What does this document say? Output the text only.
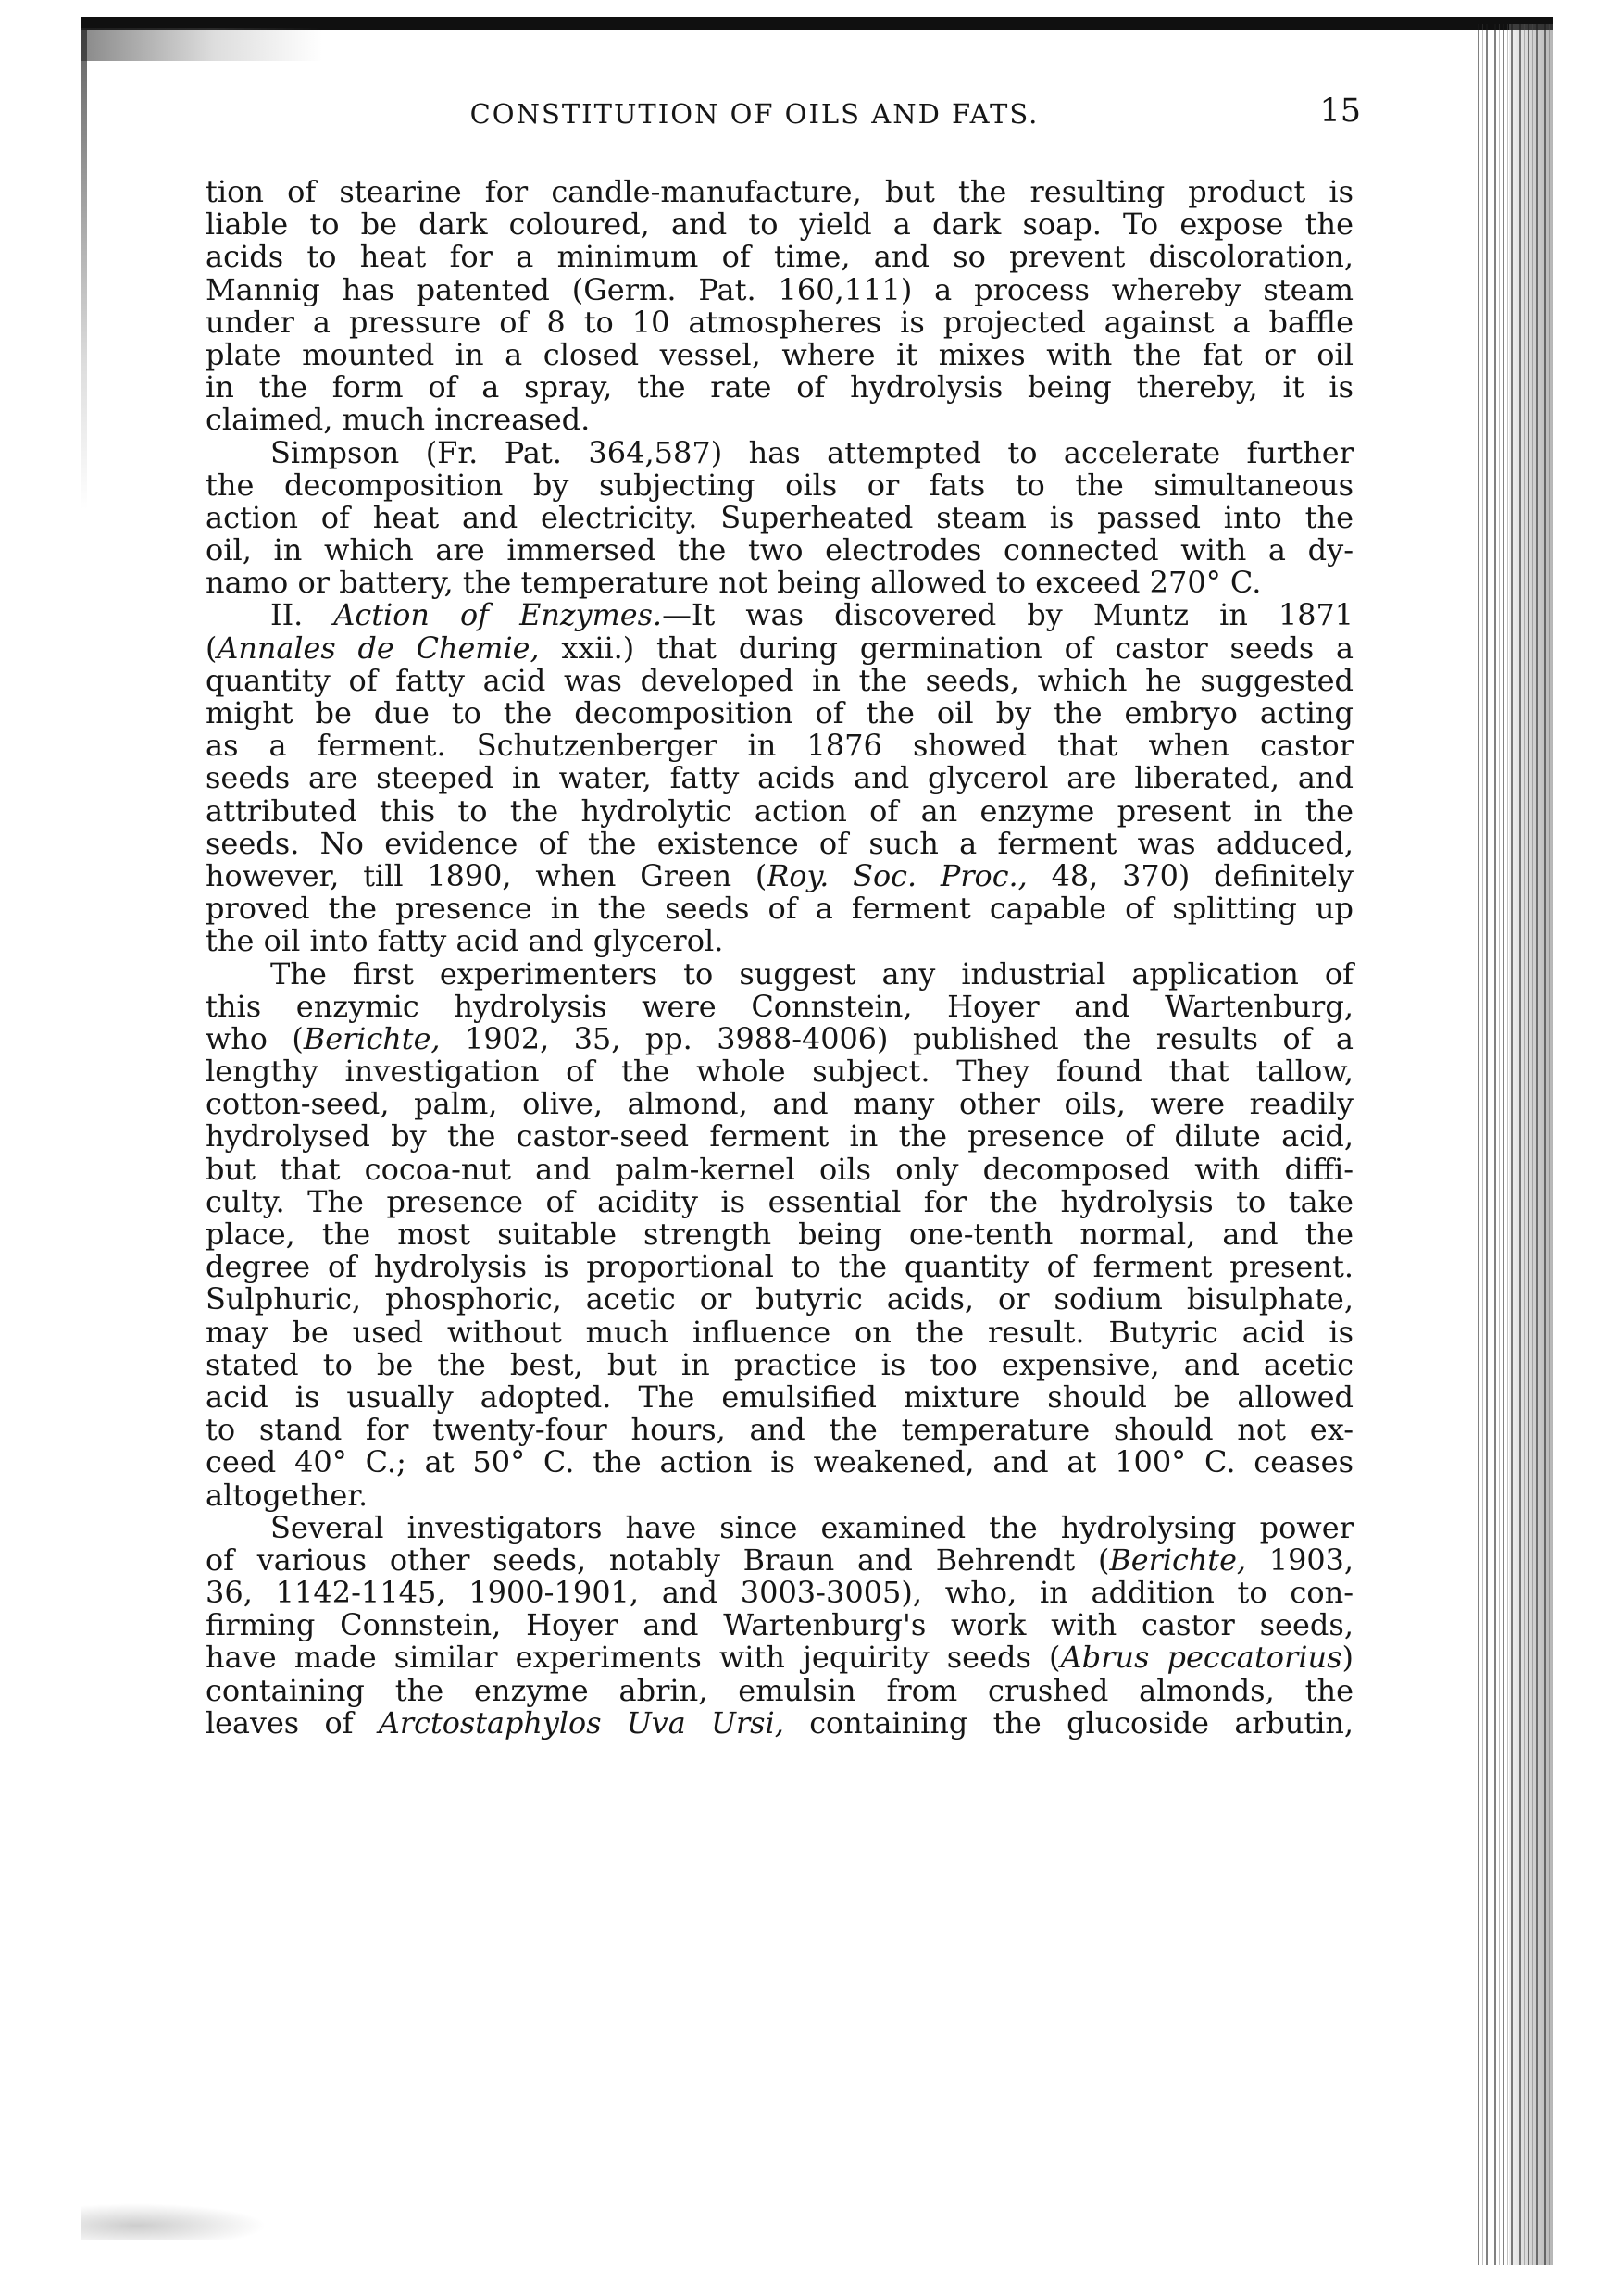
CONSTITUTION OF OILS AND FATS.	15
tion of stearine for candle-manufacture, but the resulting product is
liable to be dark coloured, and to yield a dark soap. To expose the
acids to heat for a minimum of time, and so prevent discoloration,
Mannig has patented (Germ. Pat. 160,111) a process whereby steam
under a pressure of 8 to 10 atmospheres is projected against a baffle
plate mounted in a closed vessel, where it mixes with the fat or oil
in the form of a spray, the rate of hydrolysis being thereby, it is
claimed, much increased.
Simpson (Fr. Pat. 364,587) has attempted to accelerate further
the decomposition by subjecting oils or fats to the simultaneous
action of heat and electricity. Superheated steam is passed into the
oil, in which are immersed the two electrodes connected with a dy-
namo or battery, the temperature not being allowed to exceed 270° C.
II. Action of Enzymes.—It was discovered by Muntz in 1871
(Annales de Chemie, xxii.) that during germination of castor seeds a
quantity of fatty acid was developed in the seeds, which he suggested
might be due to the decomposition of the oil by the embryo acting
as a ferment. Schutzenberger in 1876 showed that when castor
seeds are steeped in water, fatty acids and glycerol are liberated, and
attributed this to the hydrolytic action of an enzyme present in the
seeds. No evidence of the existence of such a ferment was adduced,
however, till 1890, when Green (Roy. Soc. Proc., 48, 370) definitely
proved the presence in the seeds of a ferment capable of splitting up
the oil into fatty acid and glycerol.
The first experimenters to suggest any industrial application of
this enzymic hydrolysis were Connstein, Hoyer and Wartenburg,
who (Berichte, 1902, 35, pp. 3988-4006) published the results of a
lengthy investigation of the whole subject. They found that tallow,
cotton-seed, palm, olive, almond, and many other oils, were readily
hydrolysed by the castor-seed ferment in the presence of dilute acid,
but that cocoa-nut and palm-kernel oils only decomposed with diffi-
culty. The presence of acidity is essential for the hydrolysis to take
place, the most suitable strength being one-tenth normal, and the
degree of hydrolysis is proportional to the quantity of ferment present.
Sulphuric, phosphoric, acetic or butyric acids, or sodium bisulphate,
may be used without much influence on the result. Butyric acid is
stated to be the best, but in practice is too expensive, and acetic
acid is usually adopted. The emulsified mixture should be allowed
to stand for twenty-four hours, and the temperature should not ex-
ceed 40° C.; at 50° C. the action is weakened, and at 100° C. ceases
altogether.
Several investigators have since examined the hydrolysing power
of various other seeds, notably Braun and Behrendt (Berichte, 1903,
36, 1142-1145, 1900-1901, and 3003-3005), who, in addition to con-
firming Connstein, Hoyer and Wartenburg's work with castor seeds,
have made similar experiments with jequirity seeds (Abrus peccatorius)
containing the enzyme abrin, emulsin from crushed almonds, the
leaves of Arctostaphylos Uva Ursi, containing the glucoside arbutin,
